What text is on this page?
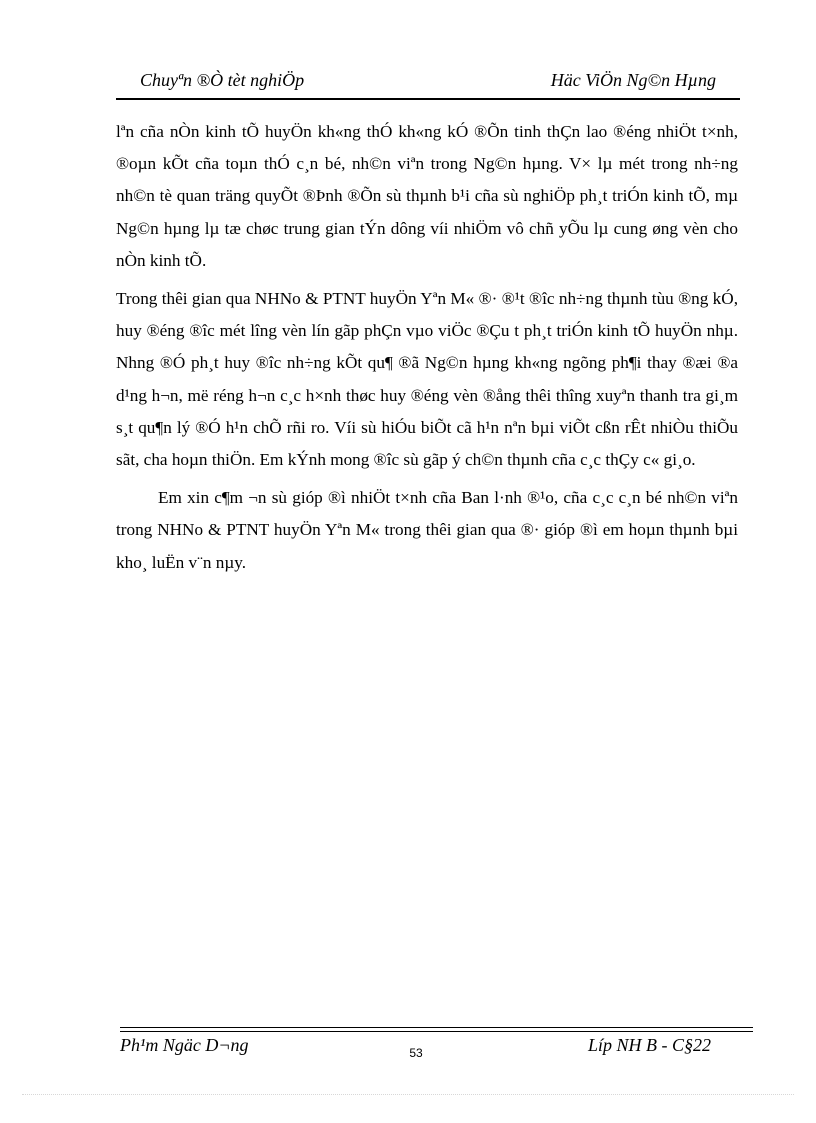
Chuyªn ®Ò tèt nghiÖp	Häc ViÖn Ng©n Hµng

lªn cña nÒn kinh tÕ huyÖn kh«ng thÓ kh«ng kÓ ®Õn tinh thÇn lao ®éng nhiÖt t×nh, ®oµn kÕt cña toµn thÓ c¸n bé, nh©n viªn trong Ng©n hµng. V× lµ mét trong nh÷ng nh©n tè quan träng quyÕt ®Þnh ®Õn sù thµnh b¹i cña sù nghiÖp ph¸t triÓn kinh tÕ, mµ Ng©n hµng lµ tæ chøc trung gian tÝn dông víi nhiÖm vô chñ yÕu lµ cung øng vèn cho nÒn kinh tÕ.

Trong thêi gian qua NHNo & PTNT huyÖn Yªn M« ®· ®¹t ®îc nh÷ng thµnh tùu ®ng kÓ, huy ®éng ®îc mét lîng vèn lín gãp phÇn vµo viÖc ®Çu t ph¸t triÓn kinh tÕ huyÖn nhµ. Nhng ®Ó ph¸t huy ®îc nh÷ng kÕt qu¶ ®ã Ng©n hµng kh«ng ngõng ph¶i thay ®æi ®a d¹ng h¬n, më réng h¬n c¸c h×nh thøc huy ®éng vèn ®ång thêi thîng xuyªn thanh tra gi¸m s¸t qu¶n lý ®Ó h¹n chÕ rñi ro. Víi sù hiÓu biÕt cã h¹n nªn bµi viÕt cßn rÊt nhiÒu thiÕu sãt, cha hoµn thiÖn. Em kÝnh mong ®îc sù gãp ý ch©n thµnh cña c¸c thÇy c« gi¸o.

Em xin c¶m ¬n sù gióp ®ì nhiÖt t×nh cña Ban l·nh ®¹o, cña c¸c c¸n bé nh©n viªn trong NHNo & PTNT huyÖn Yªn M« trong thêi gian qua ®· gióp ®ì em hoµn thµnh bµi kho¸ luËn v¨n nµy.

Ph¹m Ngäc D¬ng	53	Líp NH B - C§22
